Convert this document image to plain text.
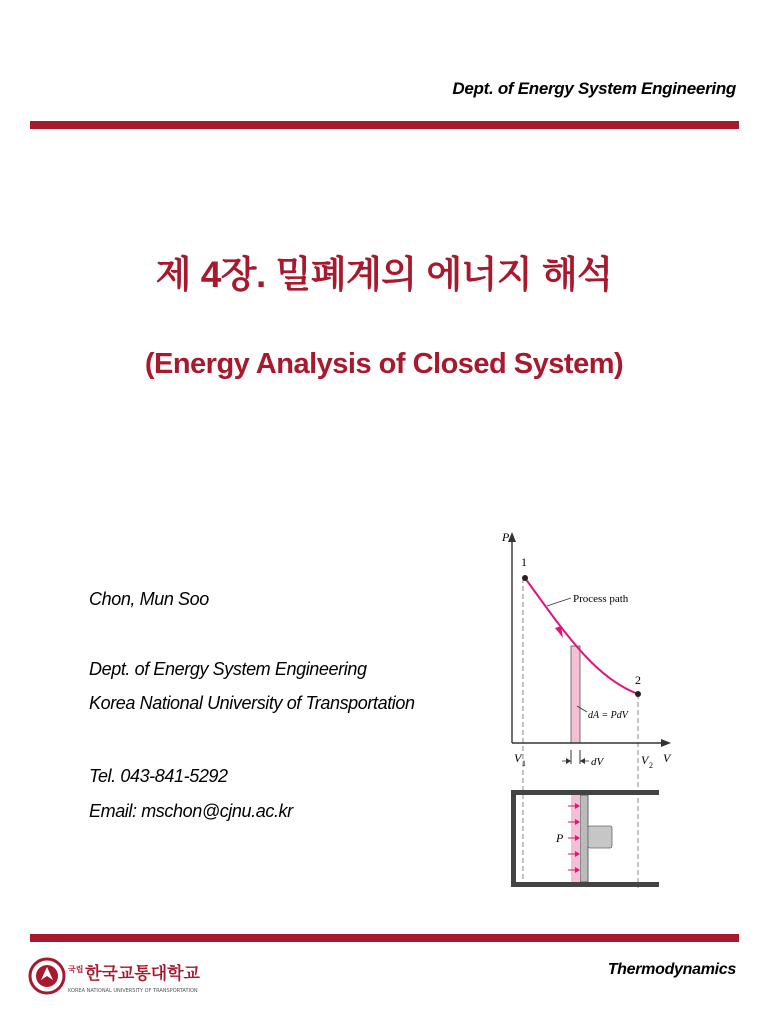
Dept. of Energy System Engineering
제 4장. 밀폐계의 에너지 해석
(Energy Analysis of Closed System)
Chon, Mun Soo
Dept. of Energy System Engineering
Korea National University of Transportation
Tel. 043-841-5292
Email: mschon@cjnu.ac.kr
P
V
1
2
Process path
dA = PdV
V 1	V 2
dV
P
국립 한국교통대학교
KOREA NATIONAL UNIVERSITY OF TRANSPORTATION
Thermodynamics
